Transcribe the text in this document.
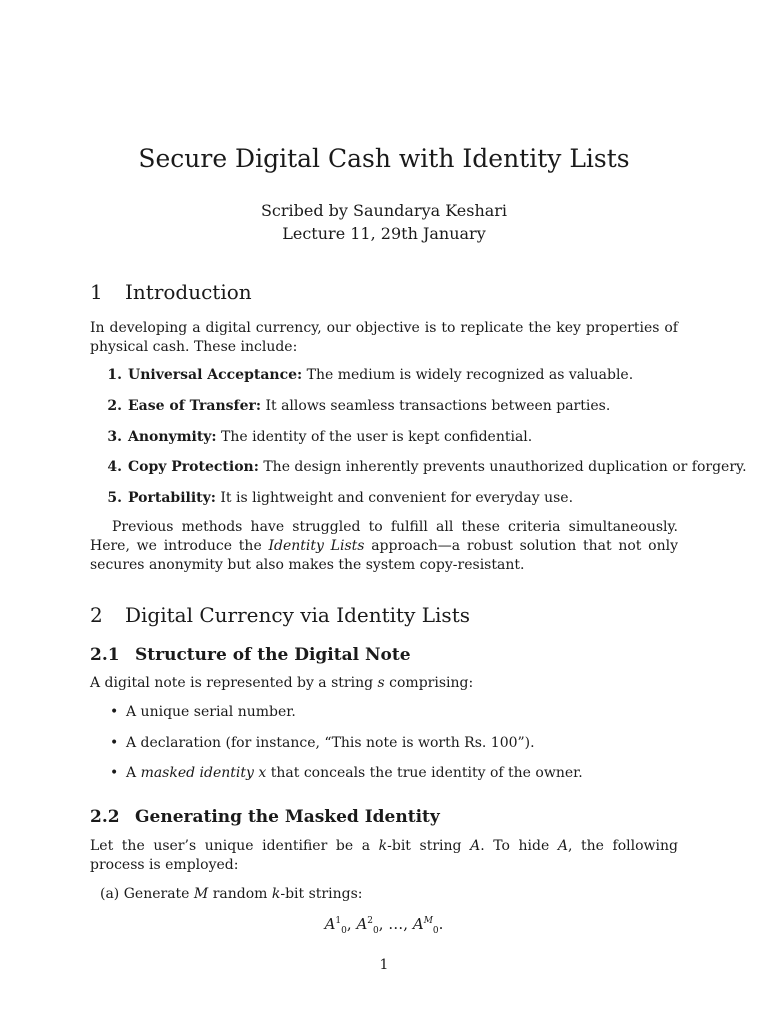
Secure Digital Cash with Identity Lists
Scribed by Saundarya Keshari
Lecture 11, 29th January
1 Introduction
In developing a digital currency, our objective is to replicate the key properties of physical cash. These include:
1. Universal Acceptance: The medium is widely recognized as valuable.
2. Ease of Transfer: It allows seamless transactions between parties.
3. Anonymity: The identity of the user is kept confidential.
4. Copy Protection: The design inherently prevents unauthorized duplication or forgery.
5. Portability: It is lightweight and convenient for everyday use.
Previous methods have struggled to fulfill all these criteria simultaneously. Here, we introduce the Identity Lists approach—a robust solution that not only secures anonymity but also makes the system copy-resistant.
2 Digital Currency via Identity Lists
2.1 Structure of the Digital Note
A digital note is represented by a string s comprising:
• A unique serial number.
• A declaration (for instance, “This note is worth Rs. 100”).
• A masked identity x that conceals the true identity of the owner.
2.2 Generating the Masked Identity
Let the user’s unique identifier be a k-bit string A. To hide A, the following process is employed:
(a) Generate M random k-bit strings:
$A^1_0$, $A^2_0$, …, $A^M_0$.
1
